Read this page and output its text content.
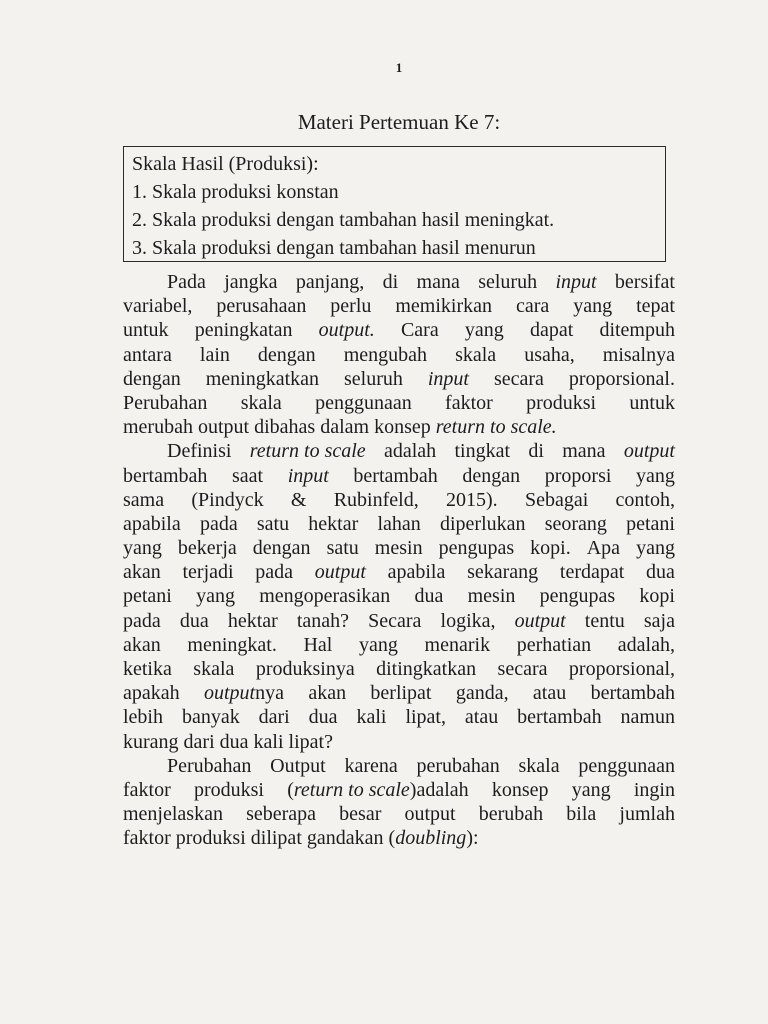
1
Materi Pertemuan Ke 7:
Skala Hasil (Produksi):
1. Skala produksi konstan
2. Skala produksi dengan tambahan hasil meningkat.
3. Skala produksi dengan tambahan hasil menurun
Pada jangka panjang, di mana seluruh input bersifat
variabel, perusahaan perlu memikirkan cara yang tepat
untuk peningkatan output. Cara yang dapat ditempuh
antara lain dengan mengubah skala usaha, misalnya
dengan meningkatkan seluruh input secara proporsional.
Perubahan skala penggunaan faktor produksi untuk
merubah output dibahas dalam konsep return to scale.
Definisi return to scale adalah tingkat di mana output
bertambah saat input bertambah dengan proporsi yang
sama (Pindyck & Rubinfeld, 2015). Sebagai contoh,
apabila pada satu hektar lahan diperlukan seorang petani
yang bekerja dengan satu mesin pengupas kopi. Apa yang
akan terjadi pada output apabila sekarang terdapat dua
petani yang mengoperasikan dua mesin pengupas kopi
pada dua hektar tanah? Secara logika, output tentu saja
akan meningkat. Hal yang menarik perhatian adalah,
ketika skala produksinya ditingkatkan secara proporsional,
apakah outputnya akan berlipat ganda, atau bertambah
lebih banyak dari dua kali lipat, atau bertambah namun
kurang dari dua kali lipat?
Perubahan Output karena perubahan skala penggunaan
faktor produksi (return to scale)adalah konsep yang ingin
menjelaskan seberapa besar output berubah bila jumlah
faktor produksi dilipat gandakan (doubling):
